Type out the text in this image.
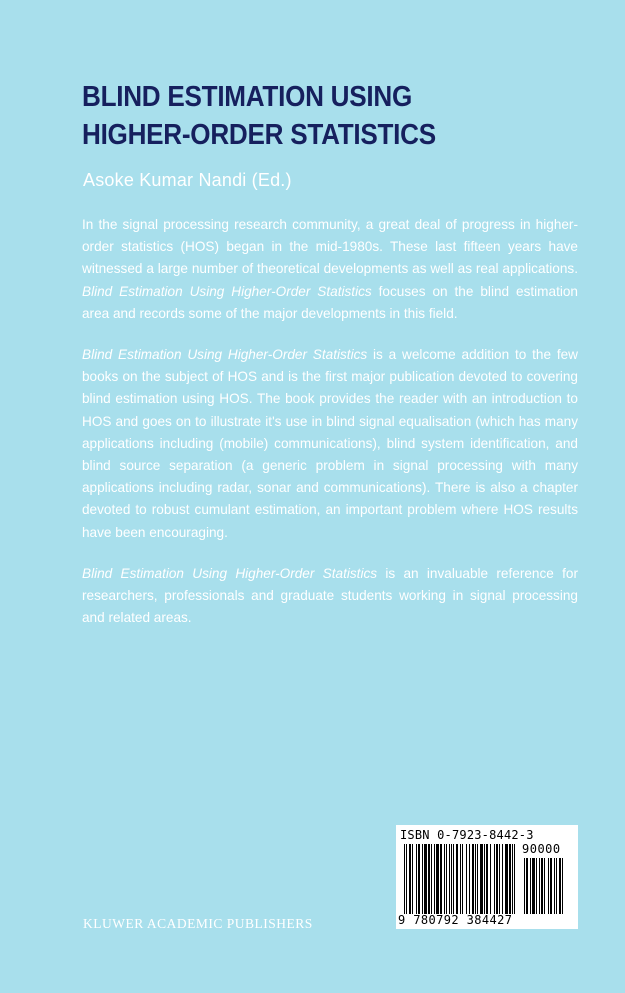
BLIND ESTIMATION USING
HIGHER-ORDER STATISTICS
Asoke Kumar Nandi (Ed.)

In the signal processing research community, a great deal of progress in higher-order statistics (HOS) began in the mid-1980s. These last fifteen years have witnessed a large number of theoretical developments as well as real applications. Blind Estimation Using Higher-Order Statistics focuses on the blind estimation area and records some of the major developments in this field.

Blind Estimation Using Higher-Order Statistics is a welcome addition to the few books on the subject of HOS and is the first major publication devoted to covering blind estimation using HOS. The book provides the reader with an introduction to HOS and goes on to illustrate it's use in blind signal equalisation (which has many applications including (mobile) communications), blind system identification, and blind source separation (a generic problem in signal processing with many applications including radar, sonar and communications). There is also a chapter devoted to robust cumulant estimation, an important problem where HOS results have been encouraging.

Blind Estimation Using Higher-Order Statistics is an invaluable reference for researchers, professionals and graduate students working in signal processing and related areas.

ISBN 0-7923-8442-3
90000
9 780792 384427
KLUWER ACADEMIC PUBLISHERS
